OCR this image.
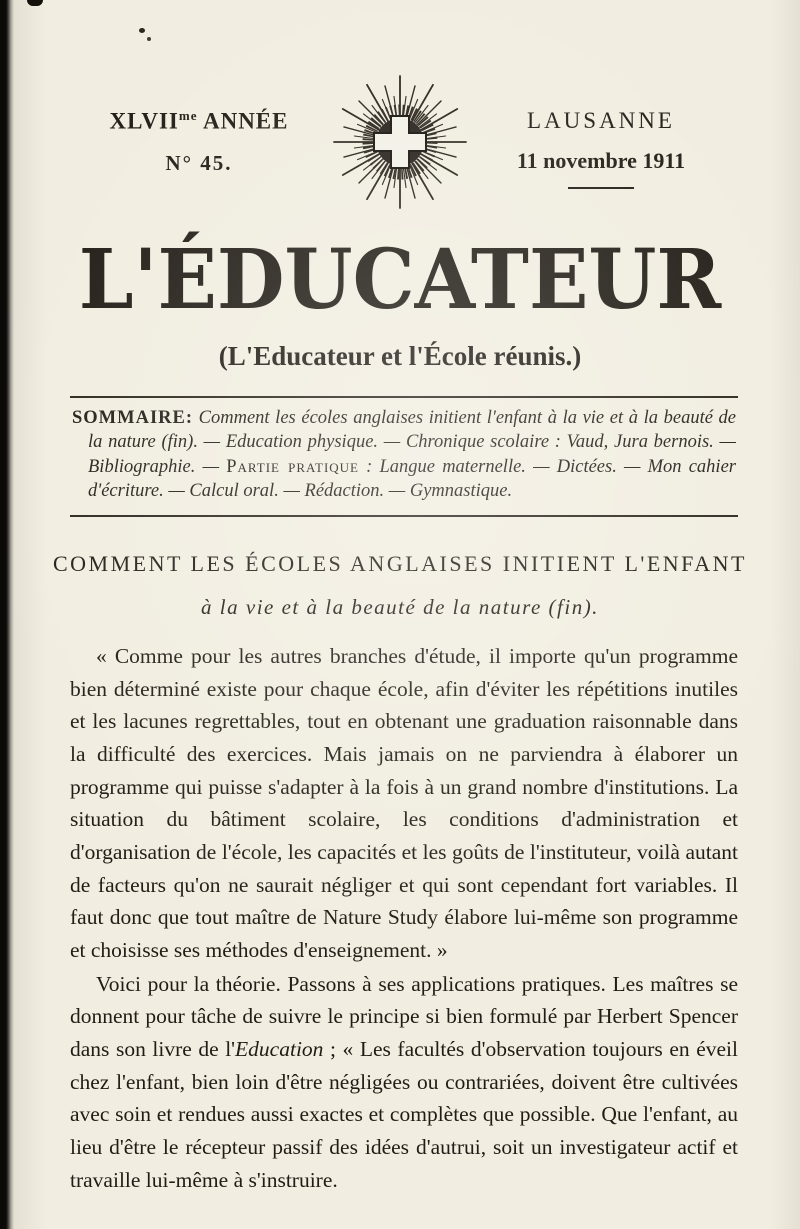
$XLVII^{me}$ ANNÉE
N° 45.
LAUSANNE
11 novembre 1911
L'ÉDUCATEUR
(L'Educateur et l'École réunis.)

SOMMAIRE: Comment les écoles anglaises initient l'enfant à la vie et à la beauté de la nature (fin). — Education physique. — Chronique scolaire : Vaud, Jura bernois. — Bibliographie. — Partie pratique : Langue maternelle. — Dictées. — Mon cahier d'écriture. — Calcul oral. — Rédaction. — Gymnastique.

COMMENT LES ÉCOLES ANGLAISES INITIENT L'ENFANT
à la vie et à la beauté de la nature (fin).

« Comme pour les autres branches d'étude, il importe qu'un programme bien déterminé existe pour chaque école, afin d'éviter les répétitions inutiles et les lacunes regrettables, tout en obtenant une graduation raisonnable dans la difficulté des exercices. Mais jamais on ne parviendra à élaborer un programme qui puisse s'adapter à la fois à un grand nombre d'institutions. La situation du bâtiment scolaire, les conditions d'administration et d'organisation de l'école, les capacités et les goûts de l'instituteur, voilà autant de facteurs qu'on ne saurait négliger et qui sont cependant fort variables. Il faut donc que tout maître de Nature Study élabore lui-même son programme et choisisse ses méthodes d'enseignement. »

Voici pour la théorie. Passons à ses applications pratiques. Les maîtres se donnent pour tâche de suivre le principe si bien formulé par Herbert Spencer dans son livre de l'Education ; « Les facultés d'observation toujours en éveil chez l'enfant, bien loin d'être négligées ou contrariées, doivent être cultivées avec soin et rendues aussi exactes et complètes que possible. Que l'enfant, au lieu d'être le récepteur passif des idées d'autrui, soit un investigateur actif et travaille lui-même à s'instruire.
